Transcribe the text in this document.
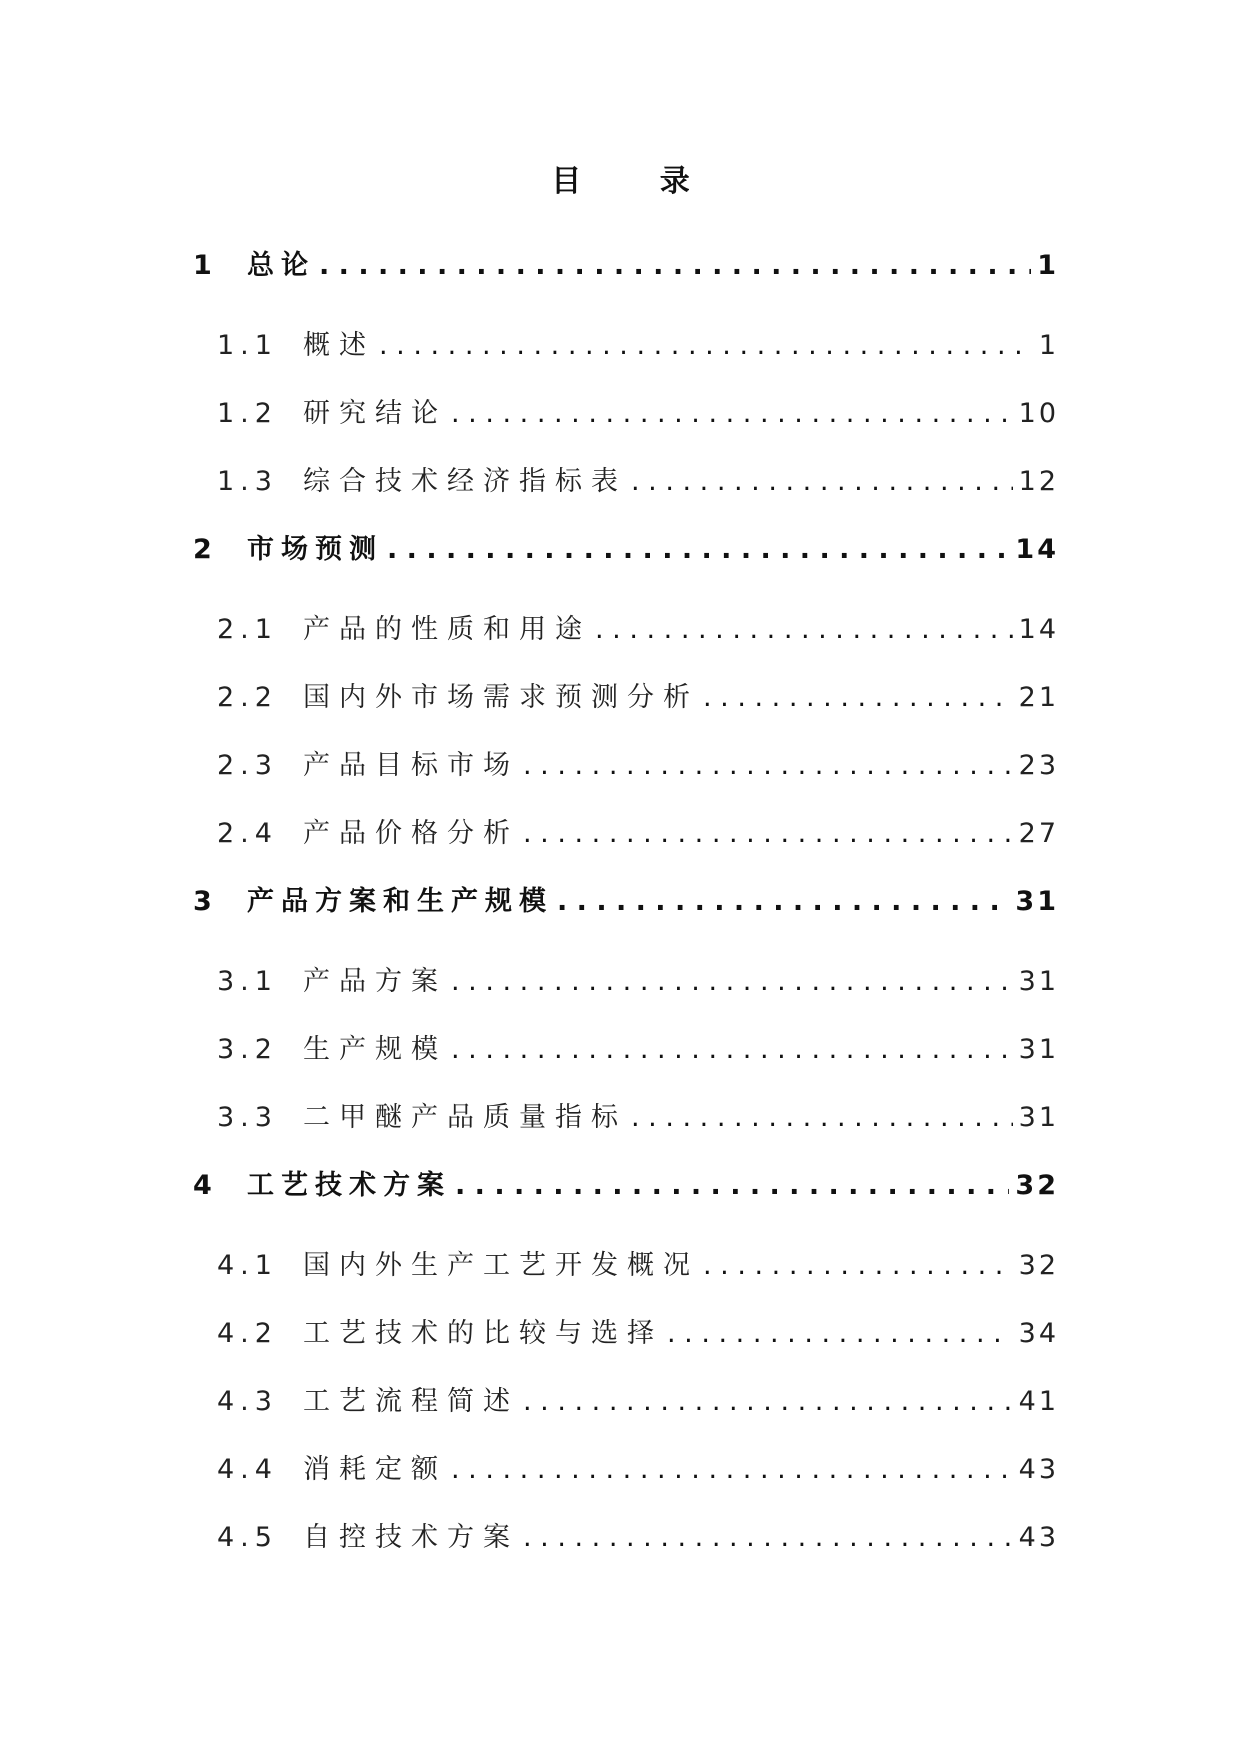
目 录
1	总论 . . .	1
1.1 概述 . . .	1
1.2 研究结论 . . .	10
1.3 综合技术经济指标表 . . .	12
2	市场预测 . . .	14
2.1 产品的性质和用途 . . .	14
2.2 国内外市场需求预测分析 . . .	21
2.3 产品目标市场 . . .	23
2.4 产品价格分析 . . .	27
3	产品方案和生产规模 . . .	31
3.1 产品方案 . . .	31
3.2 生产规模 . . .	31
3.3 二甲醚产品质量指标 . . .	31
4	工艺技术方案 . . .	32
4.1 国内外生产工艺开发概况 . . .	32
4.2 工艺技术的比较与选择 . . .	34
4.3 工艺流程简述 . . .	41
4.4 消耗定额 . . .	43
4.5 自控技术方案 . . .	43
